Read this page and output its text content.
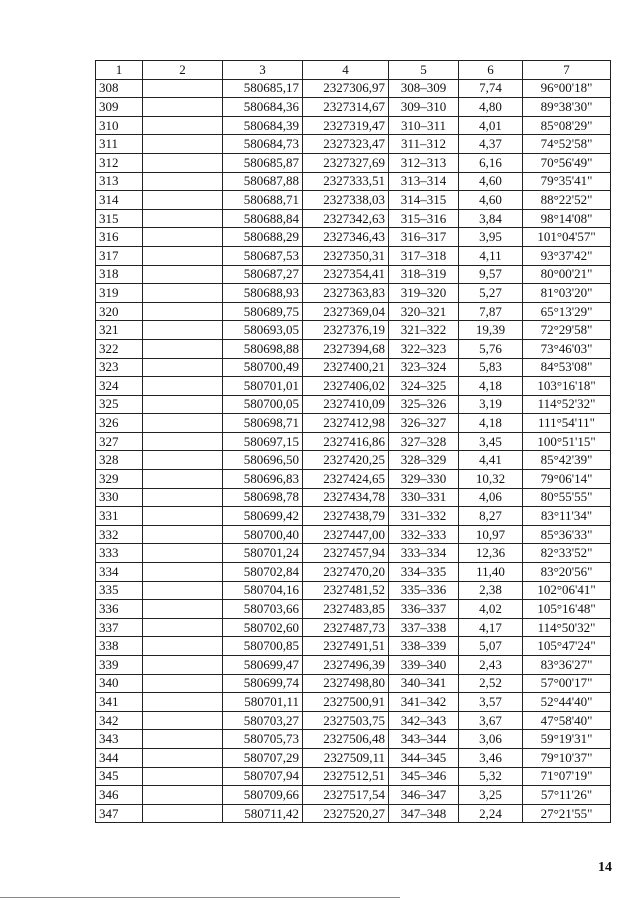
1	2	3	4	5	6	7
308		580685,17	2327306,97	308–309	7,74	96°00'18"
309		580684,36	2327314,67	309–310	4,80	89°38'30"
310		580684,39	2327319,47	310–311	4,01	85°08'29"
311		580684,73	2327323,47	311–312	4,37	74°52'58"
312		580685,87	2327327,69	312–313	6,16	70°56'49"
313		580687,88	2327333,51	313–314	4,60	79°35'41"
314		580688,71	2327338,03	314–315	4,60	88°22'52"
315		580688,84	2327342,63	315–316	3,84	98°14'08"
316		580688,29	2327346,43	316–317	3,95	101°04'57"
317		580687,53	2327350,31	317–318	4,11	93°37'42"
318		580687,27	2327354,41	318–319	9,57	80°00'21"
319		580688,93	2327363,83	319–320	5,27	81°03'20"
320		580689,75	2327369,04	320–321	7,87	65°13'29"
321		580693,05	2327376,19	321–322	19,39	72°29'58"
322		580698,88	2327394,68	322–323	5,76	73°46'03"
323		580700,49	2327400,21	323–324	5,83	84°53'08"
324		580701,01	2327406,02	324–325	4,18	103°16'18"
325		580700,05	2327410,09	325–326	3,19	114°52'32"
326		580698,71	2327412,98	326–327	4,18	111°54'11"
327		580697,15	2327416,86	327–328	3,45	100°51'15"
328		580696,50	2327420,25	328–329	4,41	85°42'39"
329		580696,83	2327424,65	329–330	10,32	79°06'14"
330		580698,78	2327434,78	330–331	4,06	80°55'55"
331		580699,42	2327438,79	331–332	8,27	83°11'34"
332		580700,40	2327447,00	332–333	10,97	85°36'33"
333		580701,24	2327457,94	333–334	12,36	82°33'52"
334		580702,84	2327470,20	334–335	11,40	83°20'56"
335		580704,16	2327481,52	335–336	2,38	102°06'41"
336		580703,66	2327483,85	336–337	4,02	105°16'48"
337		580702,60	2327487,73	337–338	4,17	114°50'32"
338		580700,85	2327491,51	338–339	5,07	105°47'24"
339		580699,47	2327496,39	339–340	2,43	83°36'27"
340		580699,74	2327498,80	340–341	2,52	57°00'17"
341		580701,11	2327500,91	341–342	3,57	52°44'40"
342		580703,27	2327503,75	342–343	3,67	47°58'40"
343		580705,73	2327506,48	343–344	3,06	59°19'31"
344		580707,29	2327509,11	344–345	3,46	79°10'37"
345		580707,94	2327512,51	345–346	5,32	71°07'19"
346		580709,66	2327517,54	346–347	3,25	57°11'26"
347		580711,42	2327520,27	347–348	2,24	27°21'55"
14
